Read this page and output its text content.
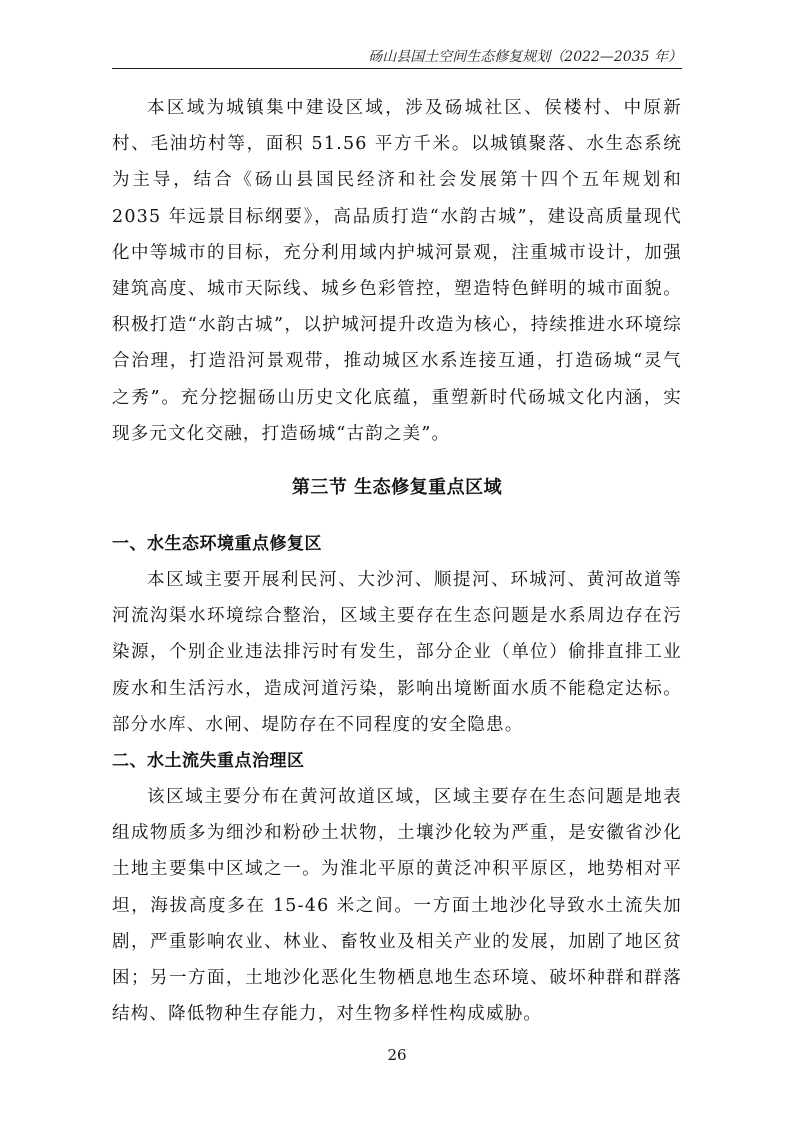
砀山县国土空间生态修复规划（2022—2035 年）

本区域为城镇集中建设区域，涉及砀城社区、侯楼村、中原新村、毛油坊村等，面积 51.56 平方千米。以城镇聚落、水生态系统为主导，结合《砀山县国民经济和社会发展第十四个五年规划和 2035 年远景目标纲要》，高品质打造“水韵古城”，建设高质量现代化中等城市的目标，充分利用域内护城河景观，注重城市设计，加强建筑高度、城市天际线、城乡色彩管控，塑造特色鲜明的城市面貌。积极打造“水韵古城”，以护城河提升改造为核心，持续推进水环境综合治理，打造沿河景观带，推动城区水系连接互通，打造砀城“灵气之秀”。充分挖掘砀山历史文化底蕴，重塑新时代砀城文化内涵，实现多元文化交融，打造砀城“古韵之美”。

第三节 生态修复重点区域
一、水生态环境重点修复区

本区域主要开展利民河、大沙河、顺提河、环城河、黄河故道等河流沟渠水环境综合整治，区域主要存在生态问题是水系周边存在污染源，个别企业违法排污时有发生，部分企业（单位）偷排直排工业废水和生活污水，造成河道污染，影响出境断面水质不能稳定达标。部分水库、水闸、堤防存在不同程度的安全隐患。

二、水土流失重点治理区

该区域主要分布在黄河故道区域，区域主要存在生态问题是地表组成物质多为细沙和粉砂土状物，土壤沙化较为严重，是安徽省沙化土地主要集中区域之一。为淮北平原的黄泛冲积平原区，地势相对平坦，海拔高度多在 15-46 米之间。一方面土地沙化导致水土流失加剧，严重影响农业、林业、畜牧业及相关产业的发展，加剧了地区贫困；另一方面，土地沙化恶化生物栖息地生态环境、破坏种群和群落结构、降低物种生存能力，对生物多样性构成威胁。

26
